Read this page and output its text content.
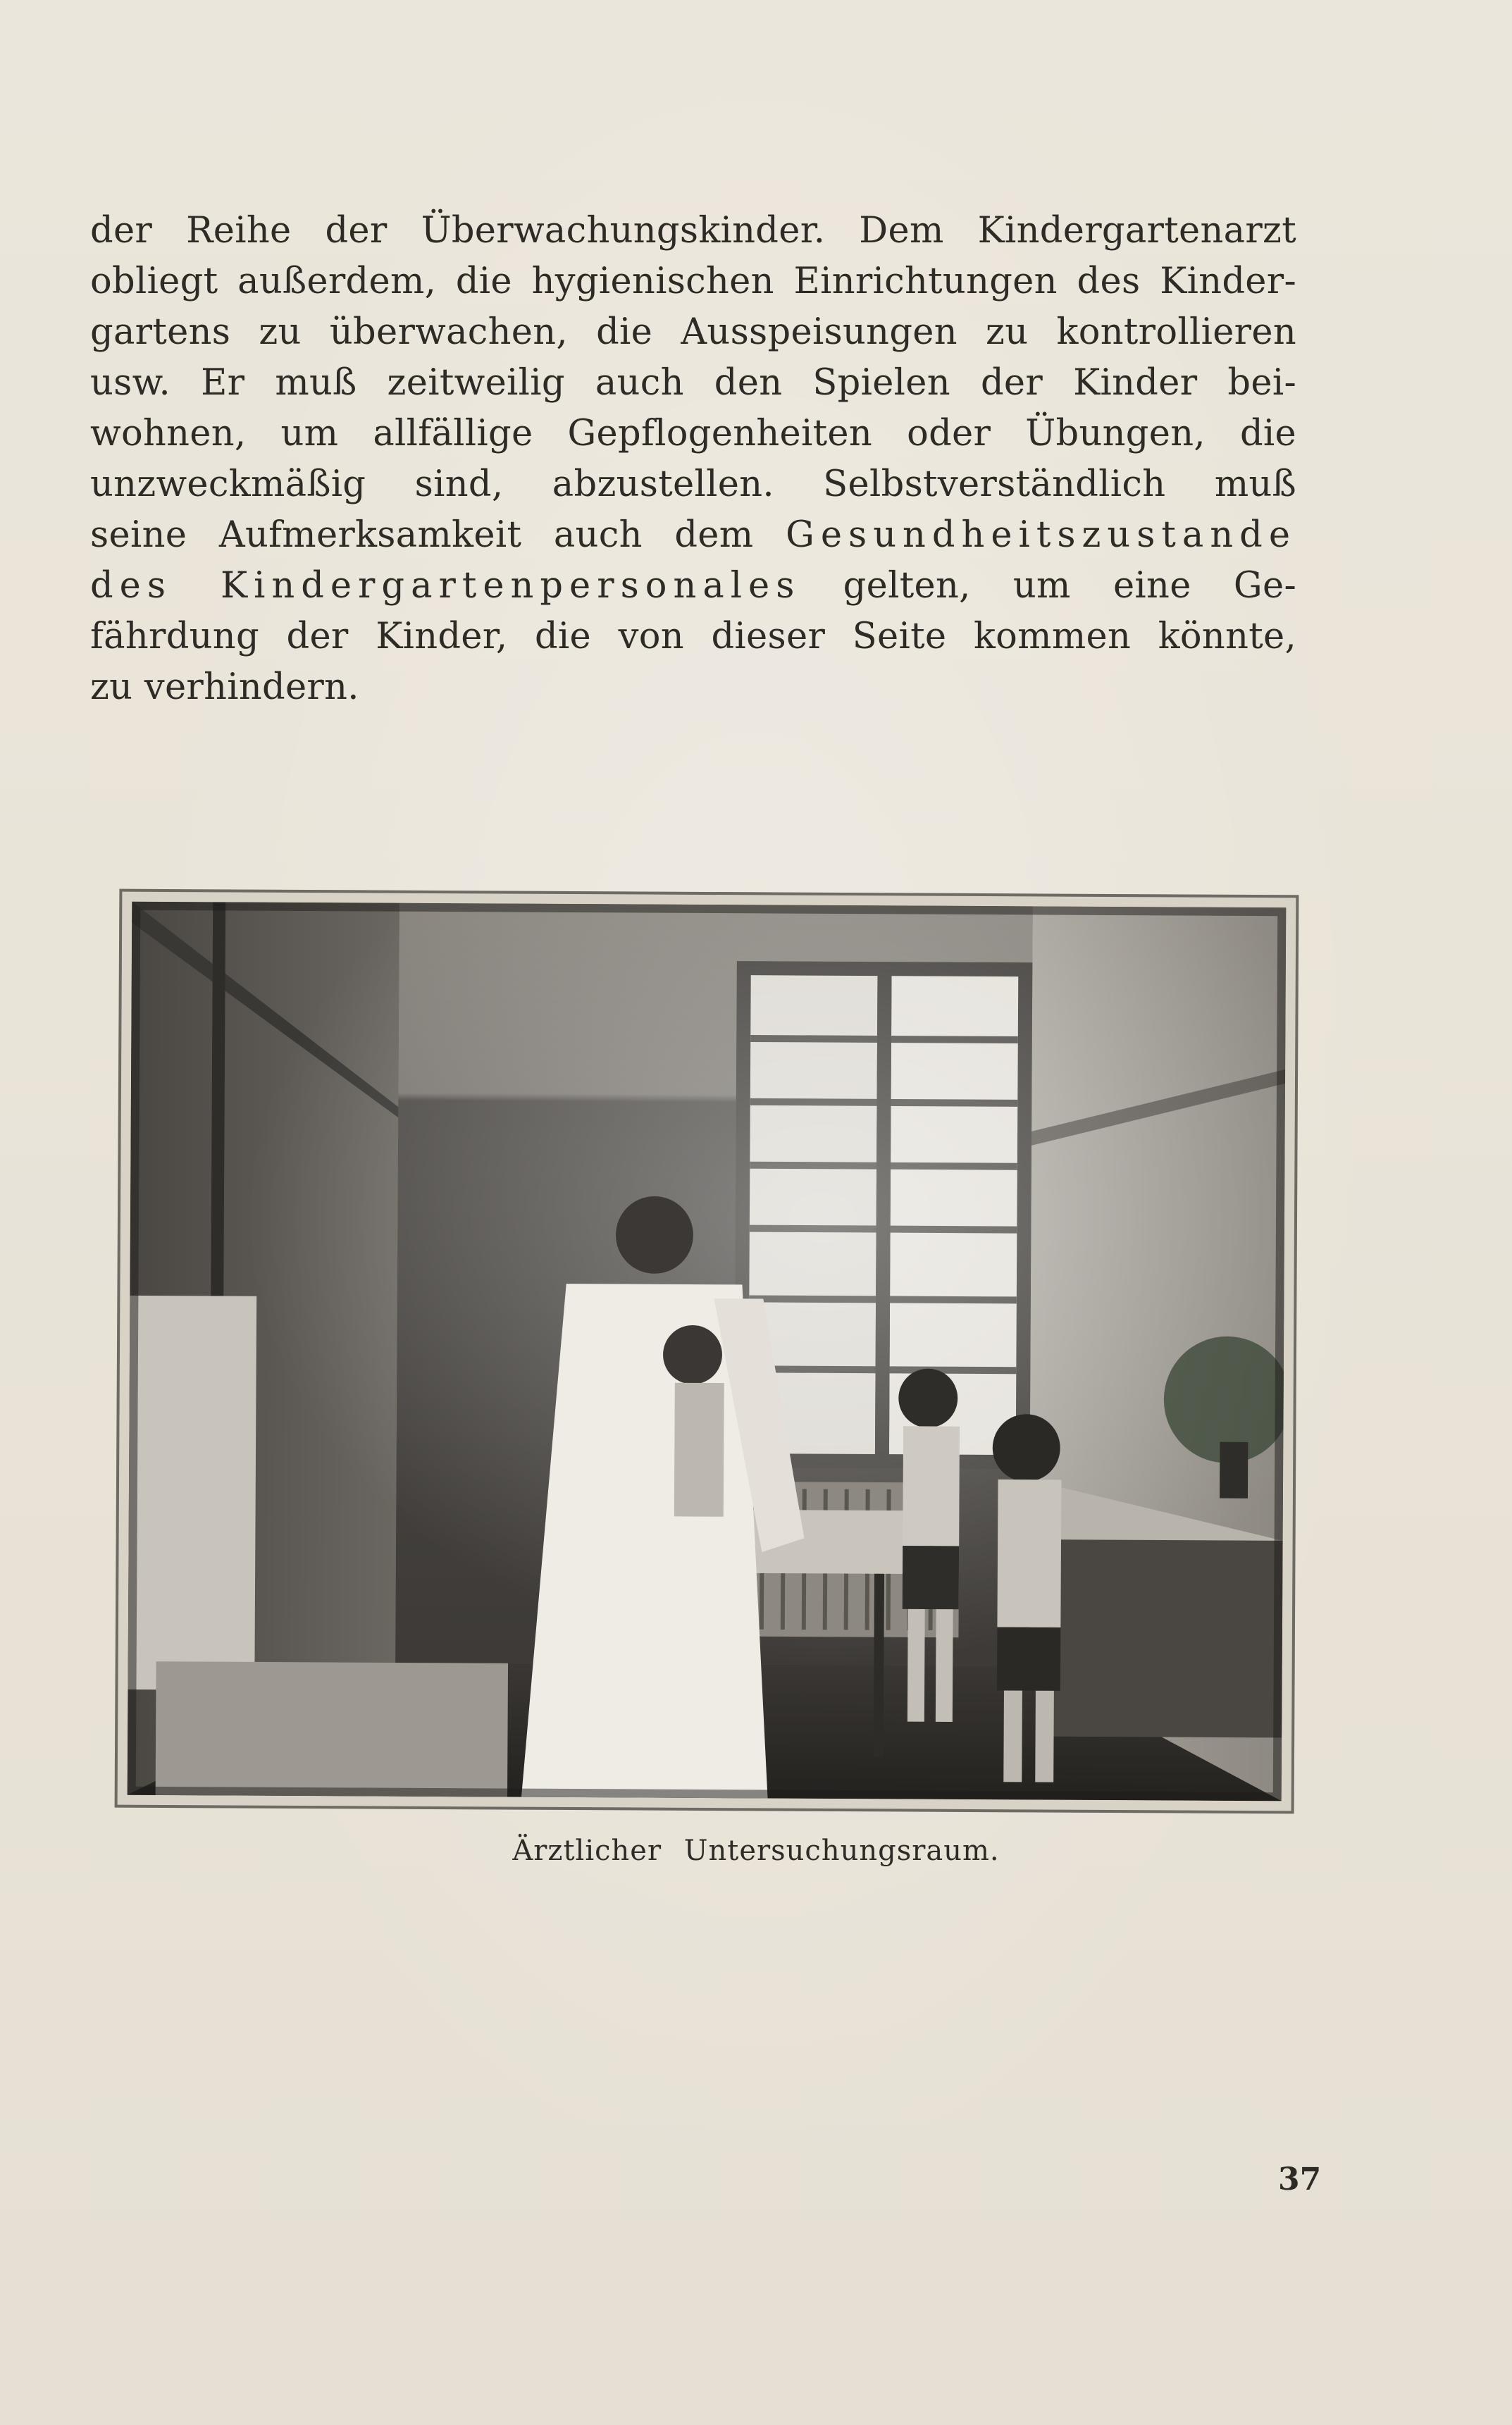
der Reihe der Überwachungskinder. Dem Kindergartenarzt
obliegt außerdem, die hygienischen Einrichtungen des Kinder-
gartens zu überwachen, die Ausspeisungen zu kontrollieren
usw. Er muß zeitweilig auch den Spielen der Kinder bei-
wohnen, um allfällige Gepflogenheiten oder Übungen, die
unzweckmäßig sind, abzustellen. Selbstverständlich muß
seine Aufmerksamkeit auch dem Gesundheitszustande
des Kindergartenpersonales gelten, um eine Ge-
fährdung der Kinder, die von dieser Seite kommen könnte,
zu verhindern.
Ärztlicher Untersuchungsraum.
37
